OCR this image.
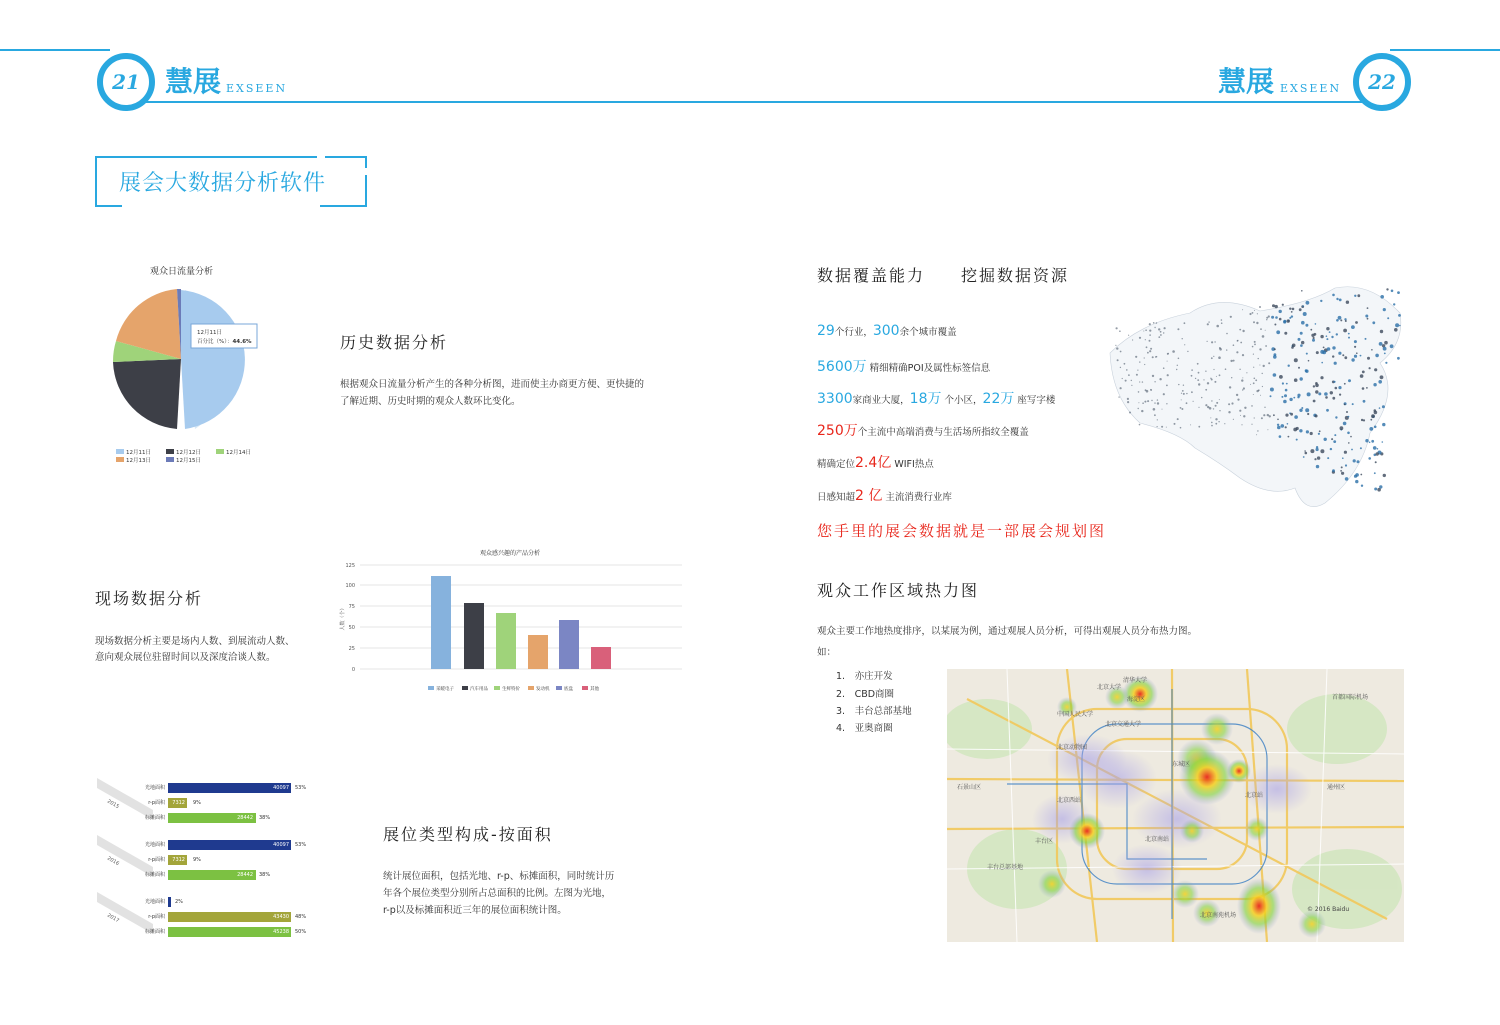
21 慧展 EXSEEN	慧展 EXSEEN	22
展会大数据分析软件
观众日流量分析
12月11日
百分比（%）：44.6%
12月11日	12月12日	12月14日
12月13日	12月15日
历史数据分析
根据观众日流量分析产生的各种分析图，进而使主办商更方便、更快捷的
了解近期、历史时期的观众人数环比变化。
观众感兴趣的产品分析
125
100
75
50
25
0
人数（个）
采暖电子	汽车用品	生鲜特价	发动机	底盘	其他
现场数据分析
现场数据分析主要是场内人数、到展流动人数、
意向观众展位驻留时间以及深度洽谈人数。
2015
光地面积	40097 53%
r-p面积 7312 9%
标摊面积	28442 38%
2016
光地面积	40097 53%
r-p面积 7312 9%
标摊面积	28442 38%
2017
光地面积 2%
r-p面积	43430 48%
标摊面积	45238 50%
展位类型构成-按面积
统计展位面积，包括光地、r-p、标摊面积，同时统计历
年各个展位类型分别所占总面积的比例。左图为光地，
r-p以及标摊面积近三年的展位面积统计图。
数据覆盖能力　　挖掘数据资源
29个行业，300余个城市覆盖
5600万 精细精确POI及属性标签信息
3300家商业大厦，18万 个小区，22万 座写字楼
250万个主流中高端消费与生活场所指纹全覆盖
精确定位2.4亿 WIFI热点
日感知超2 亿 主流消费行业库
您手里的展会数据就是一部展会规划图
观众工作区域热力图
观众主要工作地热度排序，以某展为例，通过观展人员分析，可得出观展人员分布热力图。
如：
1.　亦庄开发
2.　CBD商圈
3.　丰台总部基地
4.　亚奥商圈
北京大学
清华大学
中国人民大学
北京交通大学
海淀区
北京动物园
石景山区
东城区
北京站
丰台区
北京西站
北京南站
丰台总部基地
北京南苑机场
首都国际机场
通州区
© 2016 Baidu
